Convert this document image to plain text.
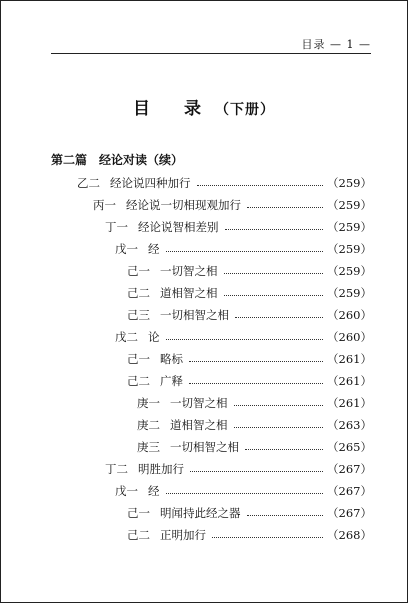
目录 — 1 —
目 录（下册）
第二篇　经论对读（续）
乙二 经论说四种加行	（259）
丙一 经论说一切相现观加行	（259）
丁一 经论说智相差别	（259）
戊一 经	（259）
己一 一切智之相	（259）
己二 道相智之相	（259）
己三 一切相智之相	（260）
戊二 论	（260）
己一 略标	（261）
己二 广释	（261）
庚一 一切智之相	（261）
庚二 道相智之相	（263）
庚三 一切相智之相	（265）
丁二 明胜加行	（267）
戊一 经	（267）
己一 明闻持此经之器	（267）
己二 正明加行	（268）
